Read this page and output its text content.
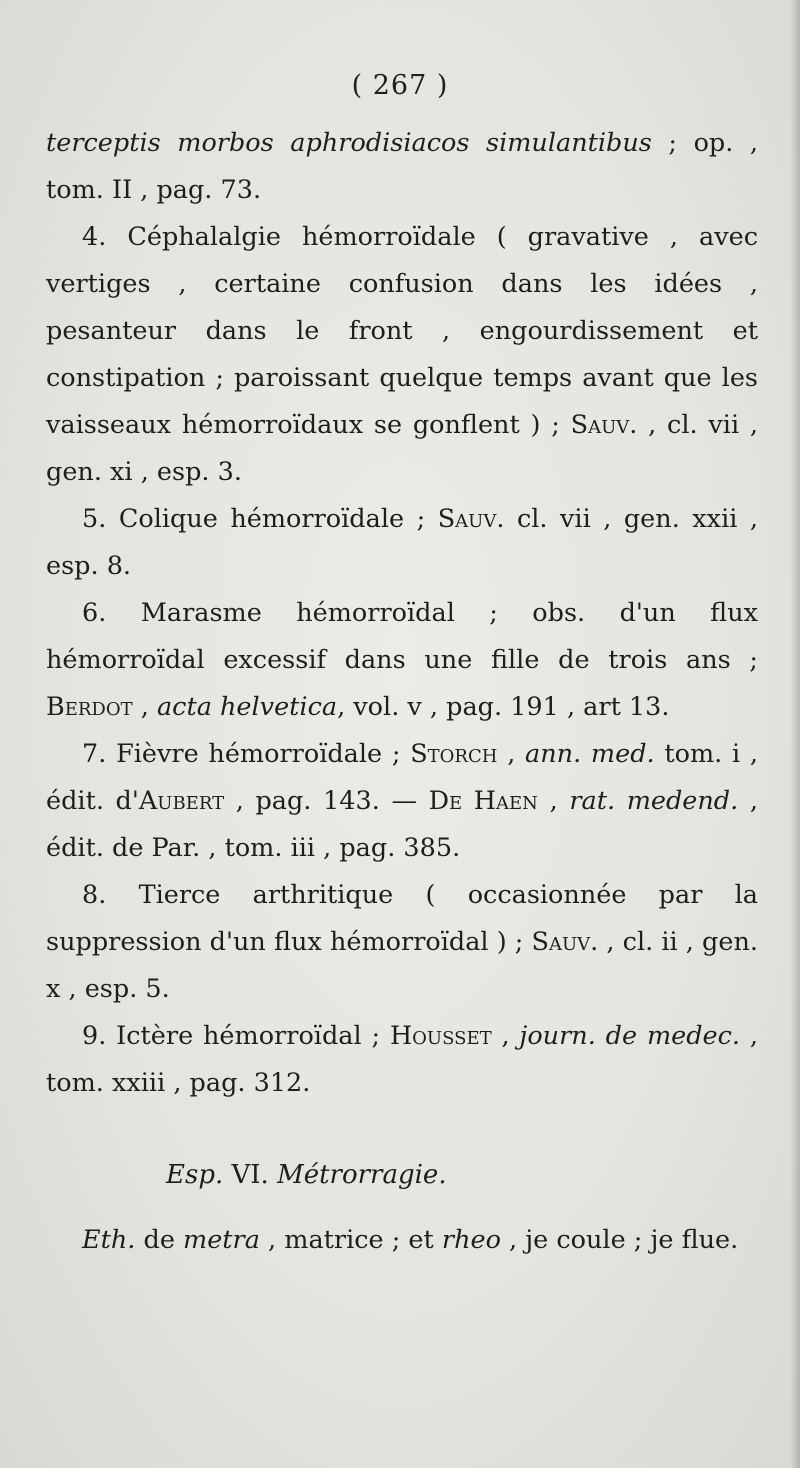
( 267 )

terceptis morbos aphrodisiacos simulantibus ; op. , tom. II , pag. 73.

4. Céphalalgie hémorroïdale ( gravative , avec vertiges , certaine confusion dans les idées , pesanteur dans le front , engourdissement et constipation ; paroissant quelque temps avant que les vaisseaux hémorroïdaux se gonflent ) ; Sauv. , cl. vii , gen. xi , esp. 3.

5. Colique hémorroïdale ; Sauv. cl. vii , gen. xxii , esp. 8.

6. Marasme hémorroïdal ; obs. d'un flux hémorroïdal excessif dans une fille de trois ans ; Berdot , acta helvetica, vol. v , pag. 191 , art 13.

7. Fièvre hémorroïdale ; Storch , ann. med. tom. i , édit. d'Aubert , pag. 143. — De Haen , rat. medend. , édit. de Par. , tom. iii , pag. 385.

8. Tierce arthritique ( occasionnée par la suppression d'un flux hémorroïdal ) ; Sauv. , cl. ii , gen. x , esp. 5.

9. Ictère hémorroïdal ; Housset , journ. de medec. , tom. xxiii , pag. 312.

Esp. VI. Métrorragie.

Eth. de metra , matrice ; et rheo , je coule ; je flue.
